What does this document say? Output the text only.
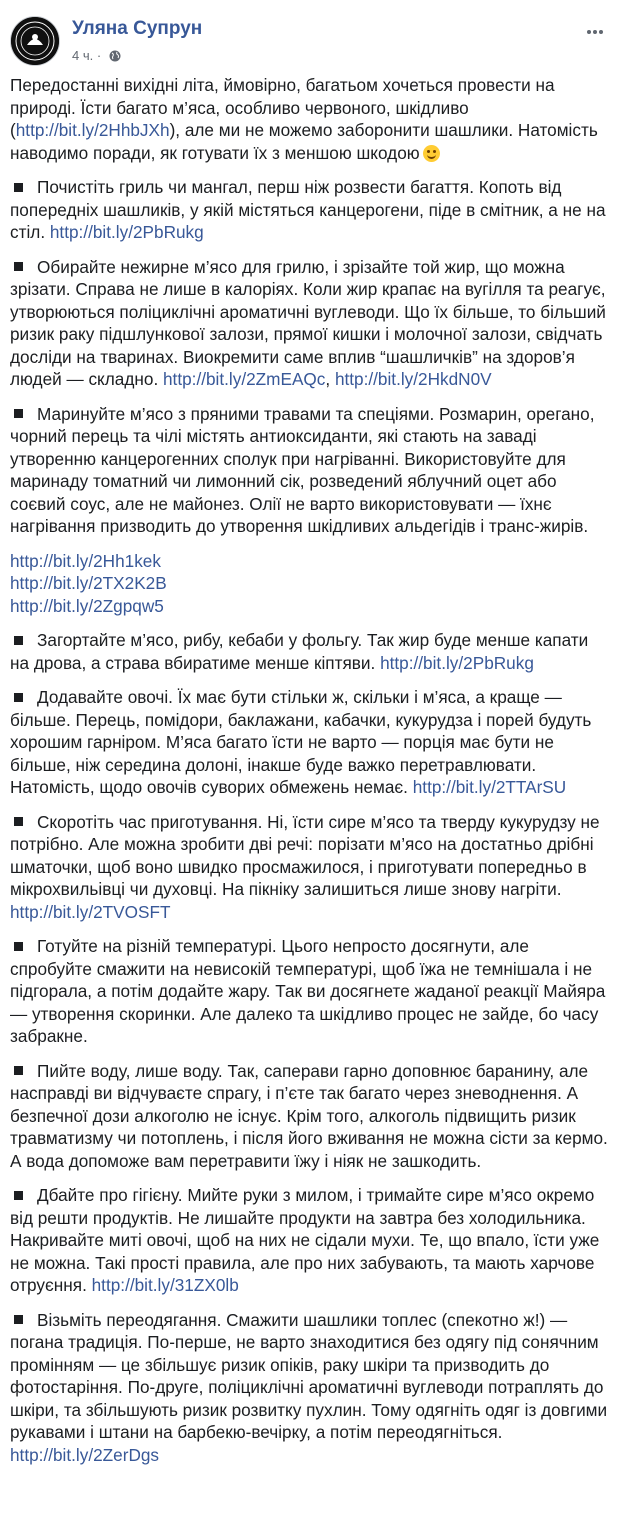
Уляна Супрун
4 ч. ·

Передостанні вихідні літа, ймовірно, багатьом хочеться провести на природі. Їсти багато м’яса, особливо червоного, шкідливо (http://bit.ly/2HhbJXh), але ми не можемо заборонити шашлики. Натомість наводимо поради, як готувати їх з меншою шкодою

Почистіть гриль чи мангал, перш ніж розвести багаття. Копоть від попередніх шашликів, у якій містяться канцерогени, піде в смітник, а не на стіл. http://bit.ly/2PbRukg

Обирайте нежирне м’ясо для грилю, і зрізайте той жир, що можна зрізати. Справа не лише в калоріях. Коли жир крапає на вугілля та реагує, утворюються поліциклічні ароматичні вуглеводи. Що їх більше, то більший ризик раку підшлункової залози, прямої кишки і молочної залози, свідчать досліди на тваринах. Виокремити саме вплив “шашличків” на здоров’я людей — складно. http://bit.ly/2ZmEAQc, http://bit.ly/2HkdN0V

Маринуйте м’ясо з пряними травами та спеціями. Розмарин, орегано, чорний перець та чілі містять антиоксиданти, які стають на заваді утворенню канцерогенних сполук при нагріванні. Використовуйте для маринаду томатний чи лимонний сік, розведений яблучний оцет або соєвий соус, але не майонез. Олії не варто використовувати — їхнє нагрівання призводить до утворення шкідливих альдегідів і транс-жирів.

http://bit.ly/2Hh1kek

http://bit.ly/2TX2K2B

http://bit.ly/2Zgpqw5

Загортайте м’ясо, рибу, кебаби у фольгу. Так жир буде менше капати на дрова, а страва вбиратиме менше кіптяви. http://bit.ly/2PbRukg

Додавайте овочі. Їх має бути стільки ж, скільки і м’яса, а краще — більше. Перець, помідори, баклажани, кабачки, кукурудза і порей будуть хорошим гарніром. М’яса багато їсти не варто — порція має бути не більше, ніж середина долоні, інакше буде важко перетравлювати. Натомість, щодо овочів суворих обмежень немає. http://bit.ly/2TTArSU

Скоротіть час приготування. Ні, їсти сире м’ясо та тверду кукурудзу не потрібно. Але можна зробити дві речі: порізати м’ясо на достатньо дрібні шматочки, щоб воно швидко просмажилося, і приготувати попередньо в мікрохвильівці чи духовці. На пікніку залишиться лише знову нагріти. http://bit.ly/2TVOSFT

Готуйте на різній температурі. Цього непросто досягнути, але спробуйте смажити на невисокій температурі, щоб їжа не темнішала і не підгорала, а потім додайте жару. Так ви досягнете жаданої реакції Майяра — утворення скоринки. Але далеко та шкідливо процес не зайде, бо часу забракне.

Пийте воду, лише воду. Так, саперави гарно доповнює баранину, але насправді ви відчуваєте спрагу, і п’єте так багато через зневоднення. А безпечної дози алкоголю не існує. Крім того, алкоголь підвищить ризик травматизму чи потоплень, і після його вживання не можна сісти за кермо. А вода допоможе вам перетравити їжу і ніяк не зашкодить.

Дбайте про гігієну. Мийте руки з милом, і тримайте сире м’ясо окремо від решти продуктів. Не лишайте продукти на завтра без холодильника. Накривайте миті овочі, щоб на них не сідали мухи. Те, що впало, їсти уже не можна. Такі прості правила, але про них забувають, та мають харчове отруєння. http://bit.ly/31ZX0lb

Візьміть переодягання. Смажити шашлики топлес (спекотно ж!) — погана традиція. По-перше, не варто знаходитися без одягу під сонячним промінням — це збільшує ризик опіків, раку шкіри та призводить до фотостаріння. По-друге, поліциклічні ароматичні вуглеводи потраплять до шкіри, та збільшують ризик розвитку пухлин. Тому одягніть одяг із довгими рукавами і штани на барбекю-вечірку, а потім переодягніться. http://bit.ly/2ZerDgs
